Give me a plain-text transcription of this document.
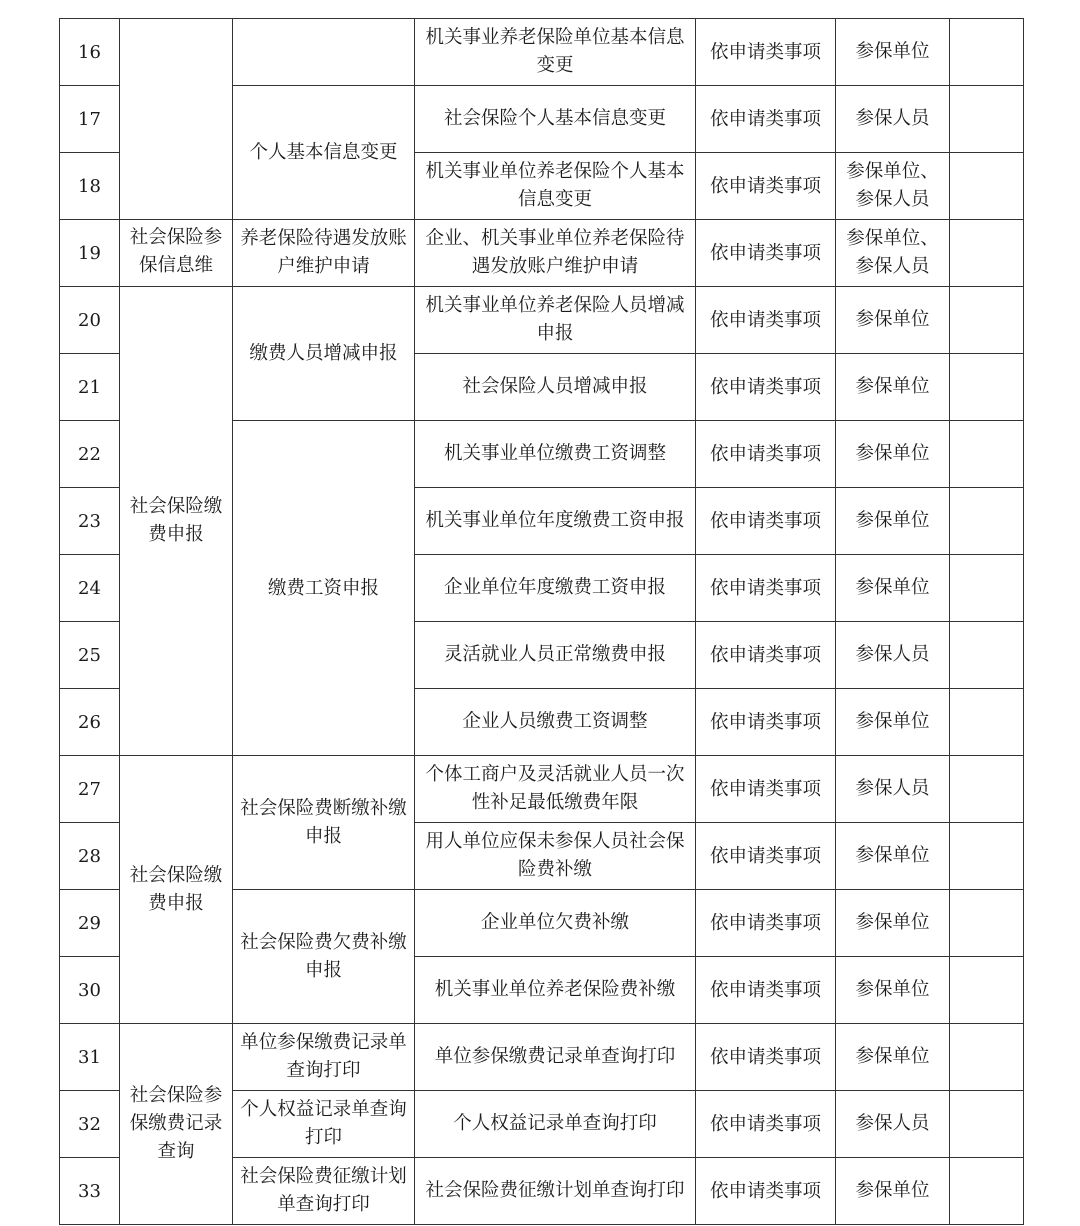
16			机关事业养老保险单位基本信息变更	依申请类事项	参保单位	
17		个人基本信息变更	社会保险个人基本信息变更	依申请类事项	参保人员	
18			机关事业单位养老保险个人基本信息变更	依申请类事项	参保单位、参保人员	
19	社会保险参保信息维	养老保险待遇发放账户维护申请	企业、机关事业单位养老保险待遇发放账户维护申请	依申请类事项	参保单位、参保人员	
20	社会保险缴费申报	缴费人员增减申报	机关事业单位养老保险人员增减申报	依申请类事项	参保单位	
21			社会保险人员增减申报	依申请类事项	参保单位	
22		缴费工资申报	机关事业单位缴费工资调整	依申请类事项	参保单位	
23			机关事业单位年度缴费工资申报	依申请类事项	参保单位	
24			企业单位年度缴费工资申报	依申请类事项	参保单位	
25			灵活就业人员正常缴费申报	依申请类事项	参保人员	
26			企业人员缴费工资调整	依申请类事项	参保单位	
27	社会保险缴费申报	社会保险费断缴补缴申报	个体工商户及灵活就业人员一次性补足最低缴费年限	依申请类事项	参保人员	
28			用人单位应保未参保人员社会保险费补缴	依申请类事项	参保单位	
29		社会保险费欠费补缴申报	企业单位欠费补缴	依申请类事项	参保单位	
30			机关事业单位养老保险费补缴	依申请类事项	参保单位	
31	社会保险参保缴费记录查询	单位参保缴费记录单查询打印	单位参保缴费记录单查询打印	依申请类事项	参保单位	
32		个人权益记录单查询打印	个人权益记录单查询打印	依申请类事项	参保人员	
33		社会保险费征缴计划单查询打印	社会保险费征缴计划单查询打印	依申请类事项	参保单位	
